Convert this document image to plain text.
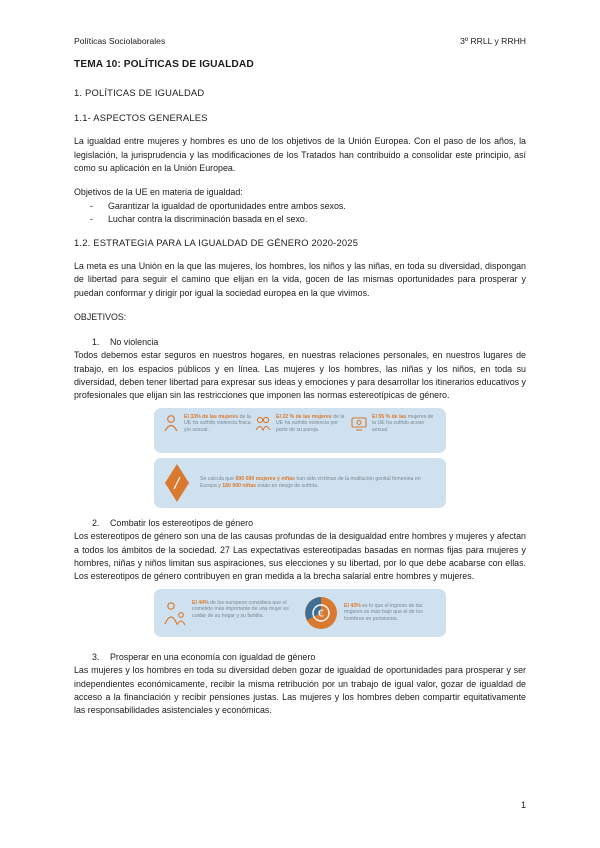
Políticas Sociolaborales	3º RRLL y RRHH
TEMA 10: POLÍTICAS DE IGUALDAD
1. POLÍTICAS DE IGUALDAD
1.1- ASPECTOS GENERALES
La igualdad entre mujeres y hombres es uno de los objetivos de la Unión Europea. Con el paso de los años, la legislación, la jurisprudencia y las modificaciones de los Tratados han contribuido a consolidar este principio, así como su aplicación en la Unión Europea.
Objetivos de la UE en materia de igualdad:
- Garantizar la igualdad de oportunidades entre ambos sexos.
- Luchar contra la discriminación basada en el sexo.
1.2. ESTRATEGIA PARA LA IGUALDAD DE GÉNERO 2020-2025
La meta es una Unión en la que las mujeres, los hombres, los niños y las niñas, en toda su diversidad, dispongan de libertad para seguir el camino que elijan en la vida, gocen de las mismas oportunidades para prosperar y puedan conformar y dirigir por igual la sociedad europea en la que vivimos.
OBJETIVOS:
1. No violencia
Todos debemos estar seguros en nuestros hogares, en nuestras relaciones personales, en nuestros lugares de trabajo, en los espacios públicos y en línea. Las mujeres y los hombres, las niñas y los niños, en toda su diversidad, deben tener libertad para expresar sus ideas y emociones y para desarrollar los itinerarios educativos y profesionales que elijan sin las restricciones que imponen las normas estereotípicas de género.
El 33% de las mujeres de la UE ha sufrido violencia física y/o sexual.
El 22 % de las mujeres de la UE ha sufrido violencia por parte de su pareja.
El 55 % de las mujeres de la UE ha sufrido acoso sexual.
Se calcula que 500 000 mujeres y niñas han sido víctimas de la mutilación genital femenina en Europa y 180 000 niñas están en riesgo de sufrirla.
2. Combatir los estereotipos de género
Los estereotipos de género son una de las causas profundas de la desigualdad entre hombres y mujeres y afectan a todos los ámbitos de la sociedad. 27 Las expectativas estereotipadas basadas en normas fijas para mujeres y hombres, niñas y niños limitan sus aspiraciones, sus elecciones y su libertad, por lo que debe acabarse con ellas. Los estereotipos de género contribuyen en gran medida a la brecha salarial entre hombres y mujeres.
El 44% de los europeos considera que el cometido más importante de una mujer es cuidar de su hogar y su familia.	€
El 43% es lo que el ingreso de las mujeres es más bajo que el de los hombres en pensiones.
3. Prosperar en una economía con igualdad de género
Las mujeres y los hombres en toda su diversidad deben gozar de igualdad de oportunidades para prosperar y ser independientes económicamente, recibir la misma retribución por un trabajo de igual valor, gozar de igualdad de acceso a la financiación y recibir pensiones justas. Las mujeres y los hombres deben compartir equitativamente las responsabilidades asistenciales y económicas.
1
